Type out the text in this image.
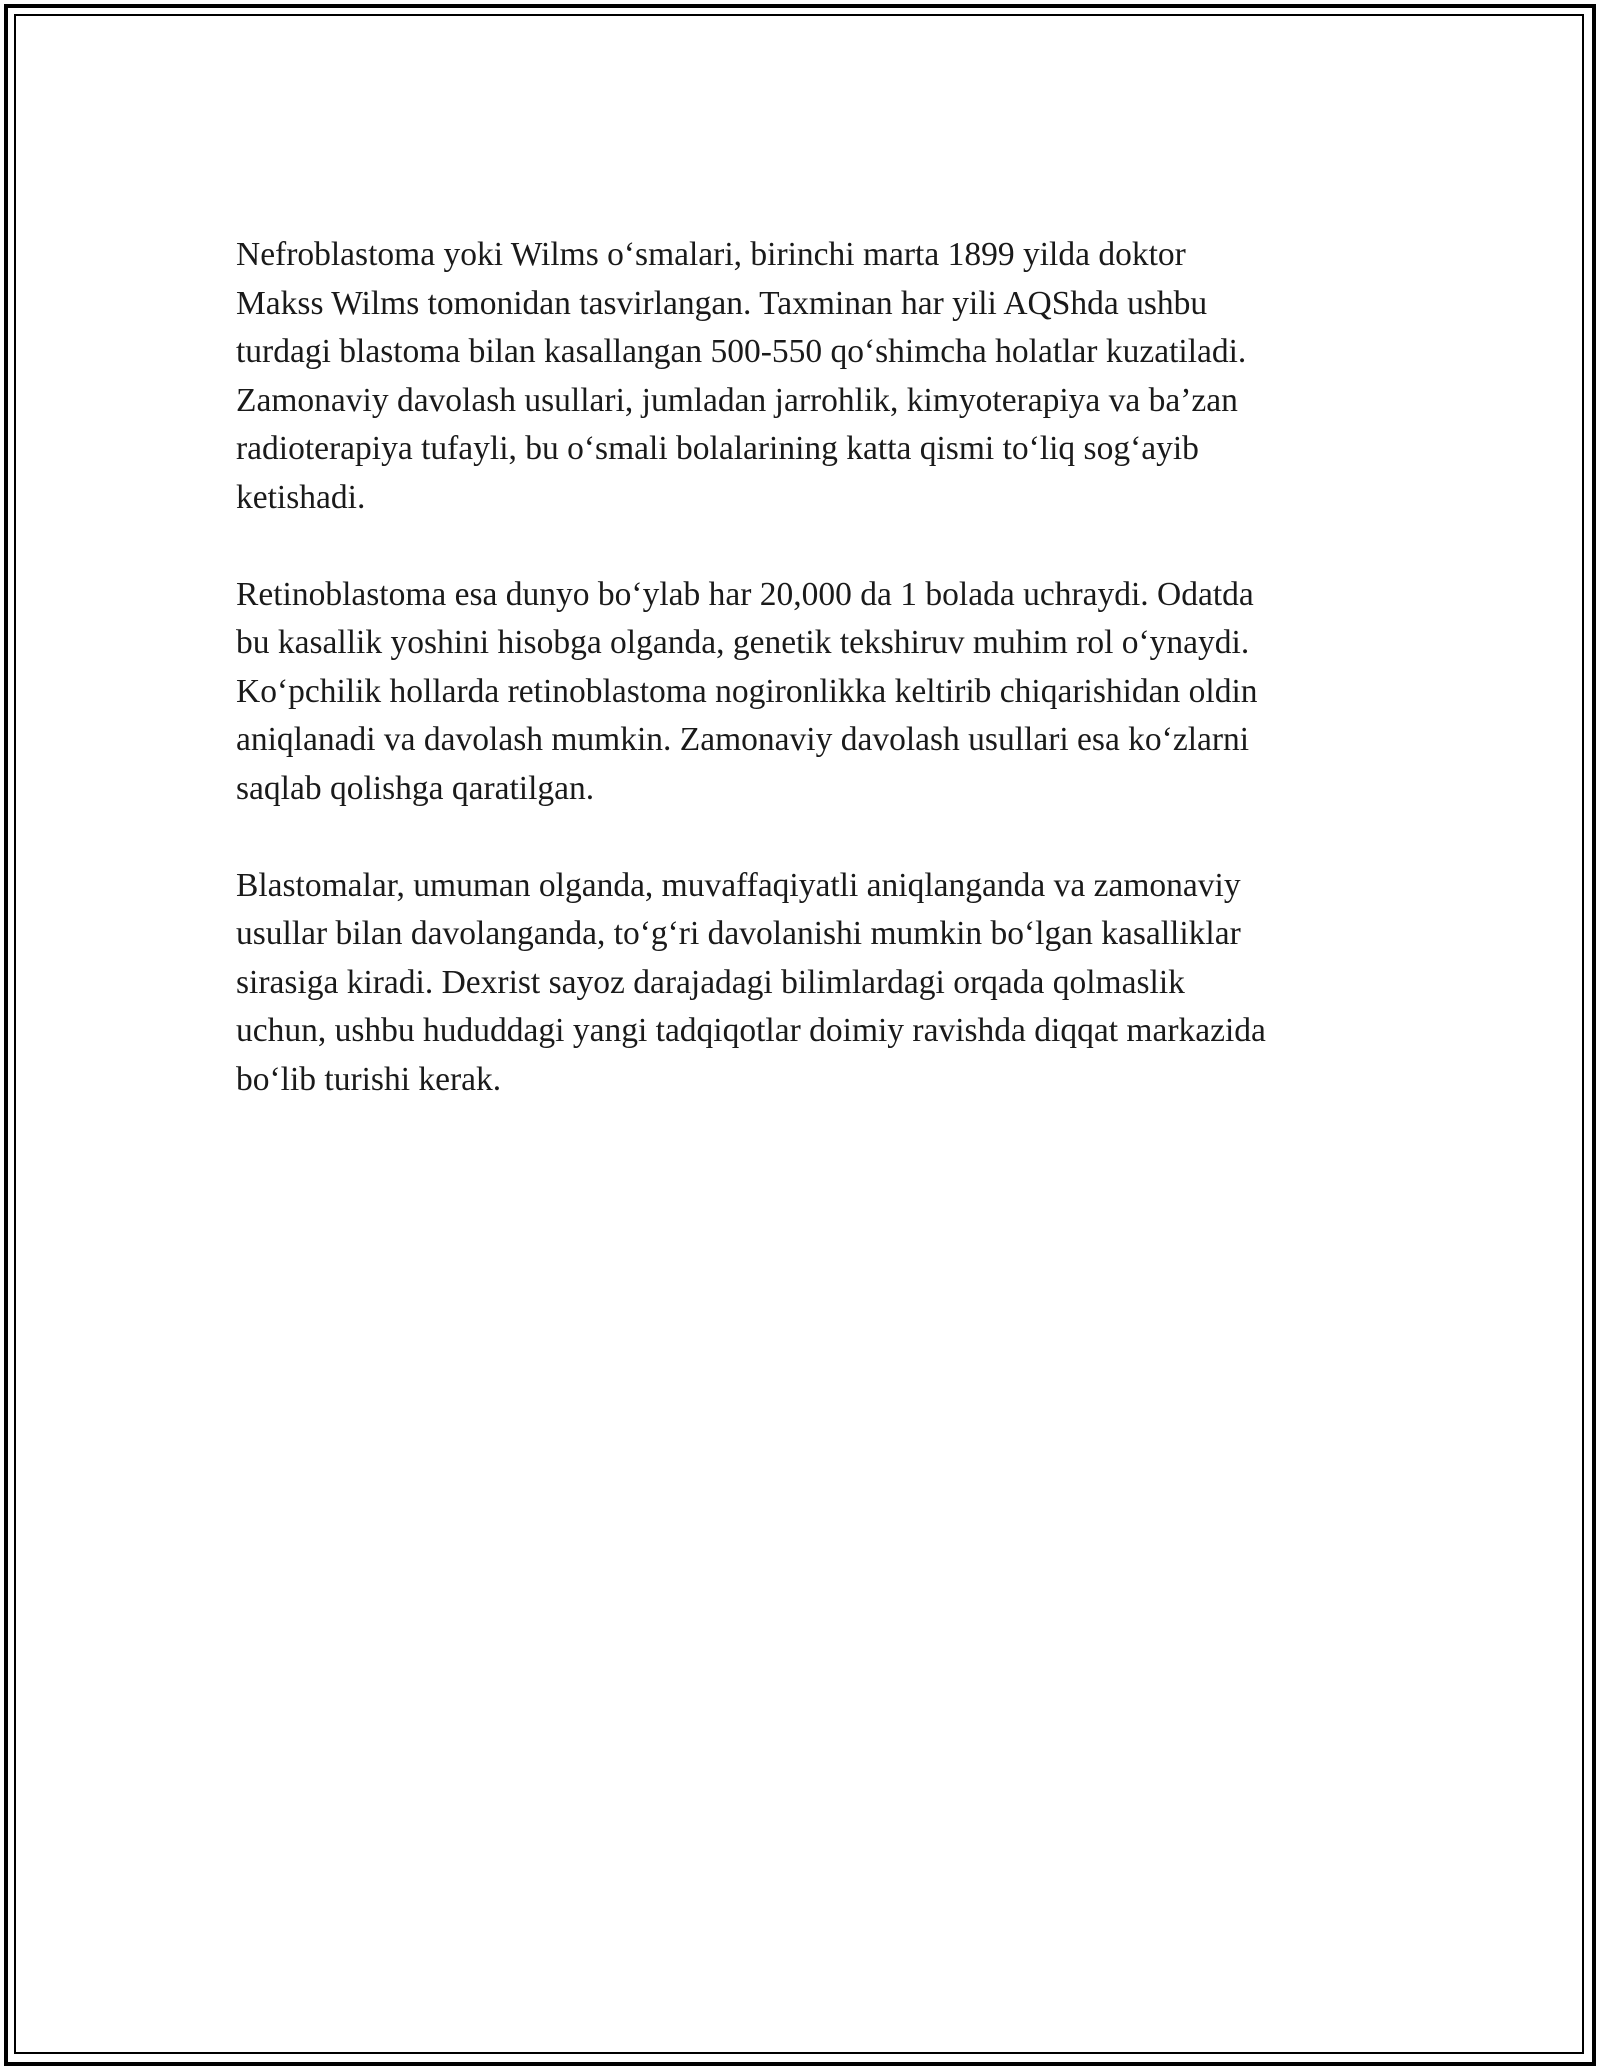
Nefroblastoma yoki Wilms o‘smalari, birinchi marta 1899 yilda doktor
Makss Wilms tomonidan tasvirlangan. Taxminan har yili AQShda ushbu
turdagi blastoma bilan kasallangan 500-550 qo‘shimcha holatlar kuzatiladi.
Zamonaviy davolash usullari, jumladan jarrohlik, kimyoterapiya va ba’zan
radioterapiya tufayli, bu o‘smali bolalarining katta qismi to‘liq sog‘ayib
ketishadi.

Retinoblastoma esa dunyo bo‘ylab har 20,000 da 1 bolada uchraydi. Odatda
bu kasallik yoshini hisobga olganda, genetik tekshiruv muhim rol o‘ynaydi.
Ko‘pchilik hollarda retinoblastoma nogironlikka keltirib chiqarishidan oldin
aniqlanadi va davolash mumkin. Zamonaviy davolash usullari esa ko‘zlarni
saqlab qolishga qaratilgan.

Blastomalar, umuman olganda, muvaffaqiyatli aniqlanganda va zamonaviy
usullar bilan davolanganda, to‘g‘ri davolanishi mumkin bo‘lgan kasalliklar
sirasiga kiradi. Dexrist sayoz darajadagi bilimlardagi orqada qolmaslik
uchun, ushbu hududdagi yangi tadqiqotlar doimiy ravishda diqqat markazida
bo‘lib turishi kerak.
